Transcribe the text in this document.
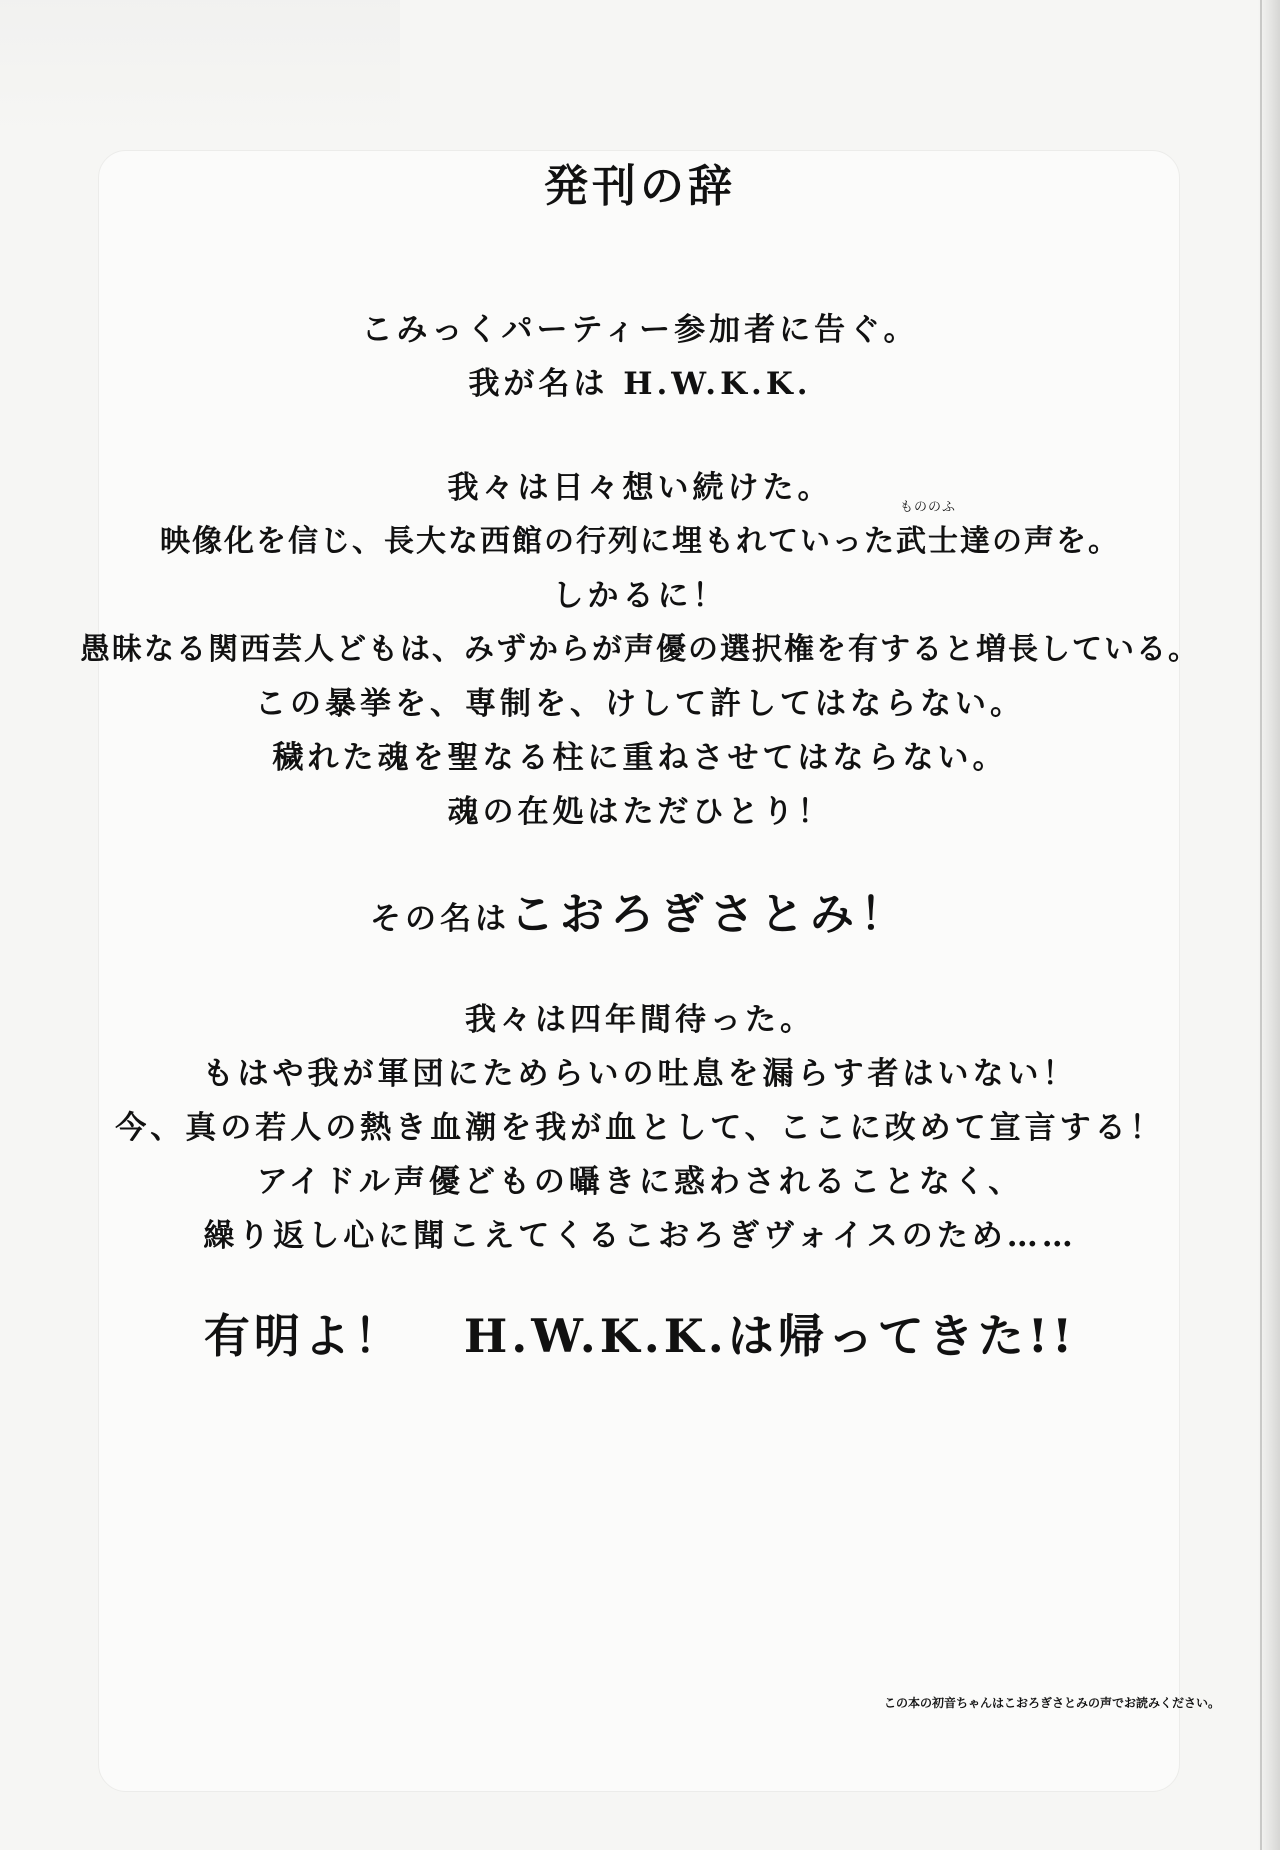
発刊の辞
こみっくパーティー参加者に告ぐ。
我が名は H.W.K.K.
我々は日々想い続けた。
映像化を信じ、長大な西館の行列に埋もれていった
もののふ
武士達の声を。
しかるに！
愚昧なる関西芸人どもは、みずからが声優の選択権を有すると増長している。
この暴挙を、専制を、けして許してはならない。
穢れた魂を聖なる柱に重ねさせてはならない。
魂の在処はただひとり！
その名はこおろぎさとみ！
我々は四年間待った。
もはや我が軍団にためらいの吐息を漏らす者はいない！
今、真の若人の熱き血潮を我が血として、ここに改めて宣言する！
アイドル声優どもの囁きに惑わされることなく、
繰り返し心に聞こえてくるこおろぎヴォイスのため……
有明よ！ H.W.K.K.は帰ってきた!!
この本の初音ちゃんはこおろぎさとみの声でお読みください。
